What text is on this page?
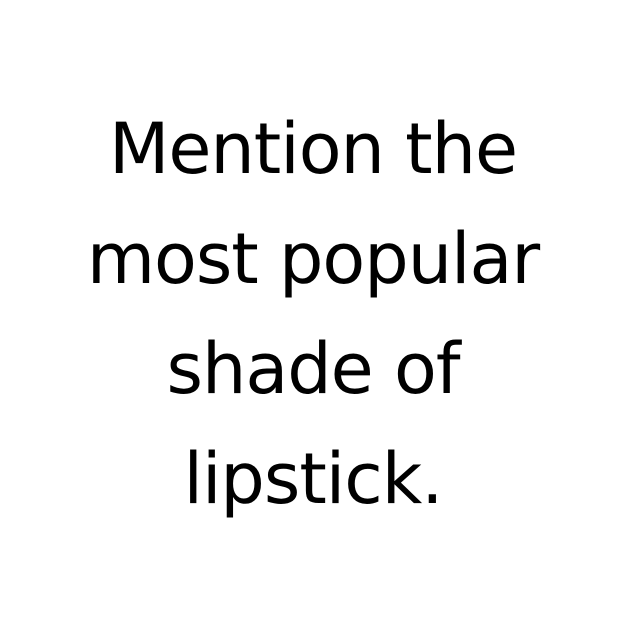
Mention the
most popular
shade of
lipstick.
